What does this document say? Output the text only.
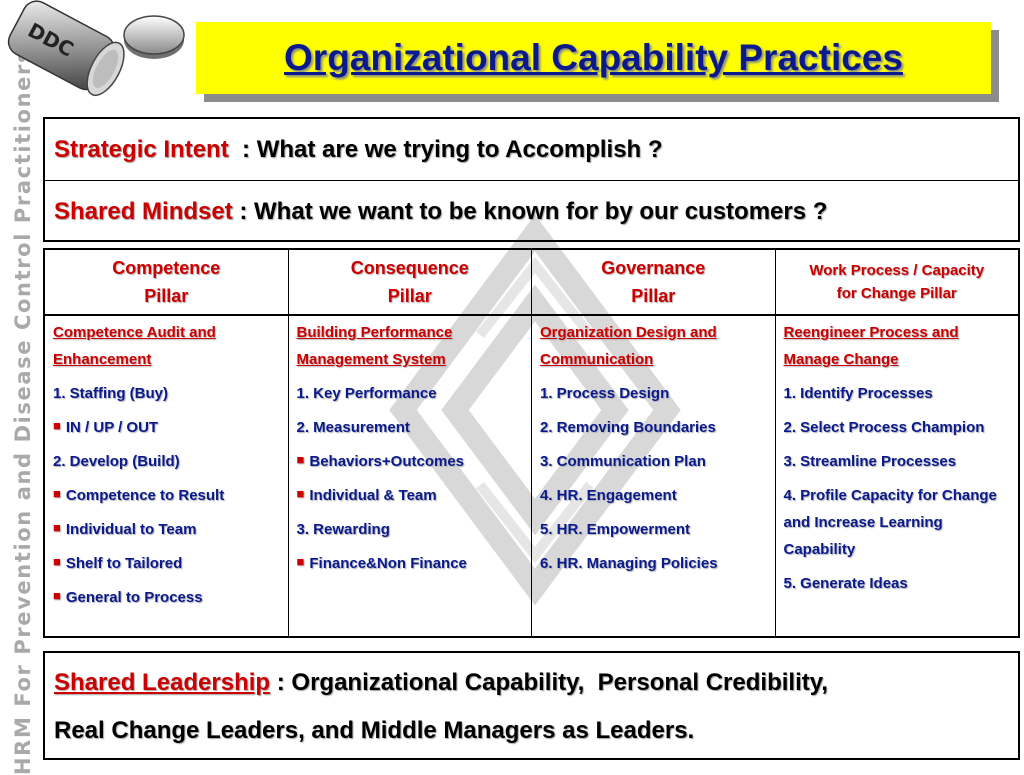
HRM For Prevention and Disease Control Practitioners
DDC	Organizational Capability Practices
Strategic Intent : What are we trying to Accomplish ?
Shared Mindset : What we want to be known for by our customers ?
Competence
Pillar
Competence Audit and Enhancement
1. Staffing (Buy)
■ IN / UP / OUT
2. Develop (Build)
■ Competence to Result
■ Individual to Team
■ Shelf to Tailored
■ General to Process
Consequence
Pillar
Building Performance Management System
1. Key Performance
2. Measurement
■ Behaviors+Outcomes
■ Individual & Team
3. Rewarding
■ Finance&Non Finance
Governance
Pillar
Organization Design and Communication
1. Process Design
2. Removing Boundaries
3. Communication Plan
4. HR. Engagement
5. HR. Empowerment
6. HR. Managing Policies
Work Process / Capacity
for Change Pillar
Reengineer Process and Manage Change
1. Identify Processes
2. Select Process Champion
3. Streamline Processes
4. Profile Capacity for Change and Increase Learning Capability
5. Generate Ideas
Shared Leadership : Organizational Capability,  Personal Credibility,
Real Change Leaders, and Middle Managers as Leaders.
